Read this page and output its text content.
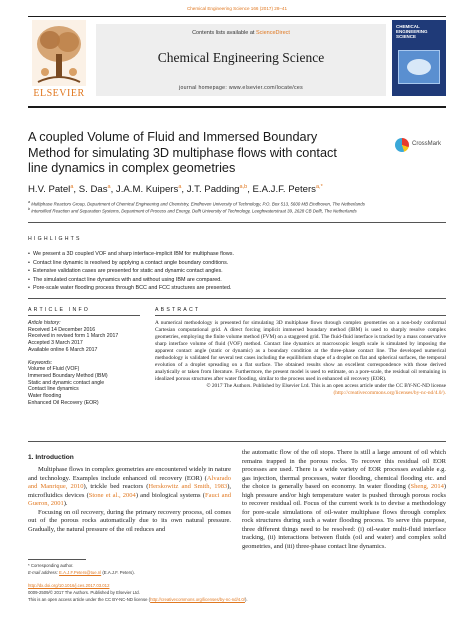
Chemical Engineering Science 166 (2017) 28–41
ELSEVIER
Contents lists available at ScienceDirect
Chemical Engineering Science
journal homepage: www.elsevier.com/locate/ces
CHEMICAL ENGINEERING SCIENCE
A coupled Volume of Fluid and Immersed Boundary Method for simulating 3D multiphase flows with contact line dynamics in complex geometries
CrossMark
H.V. Patel$^a$, S. Das$^a$, J.A.M. Kuipers$^a$, J.T. Padding$^{a,b}$, E.A.J.F. Peters$^{a,*}$
$^a$ Multiphase Reactors Group, Department of Chemical Engineering and Chemistry, Eindhoven University of Technology, P.O. Box 513, 5600 MB Eindhoven, The Netherlands
$^b$ Intensified Reaction and Separation Systems, Department of Process and Energy, Delft University of Technology, Leeghwaterstraat 39, 2628 CB Delft, The Netherlands
HIGHLIGHTS
• We present a 3D coupled VOF and sharp interface-implicit IBM for multiphase flows.
• Contact line dynamic is resolved by applying a contact angle boundary conditions.
• Extensive validation cases are presented for static and dynamic contact angles.
• The simulated contact line dynamics with and without using IBM are compared.
• Pore-scale water flooding process through BCC and FCC structures are presented.
ARTICLE INFO
Article history:
Received 14 December 2016
Received in revised form 1 March 2017
Accepted 3 March 2017
Available online 6 March 2017
Keywords:
Volume of Fluid (VOF)
Immersed Boundary Method (IBM)
Static and dynamic contact angle
Contact line dynamics
Water flooding
Enhanced Oil Recovery (EOR)
ABSTRACT

A numerical methodology is presented for simulating 3D multiphase flows through complex geometries on a non-body conformal Cartesian computational grid. A direct forcing implicit immersed boundary method (IBM) is used to sharply resolve complex geometries, employing the finite volume method (FVM) on a staggered grid. The fluid-fluid interface is tracked by a mass conservative sharp interface volume of fluid (VOF) method. Contact line dynamics at macroscopic length scale is simulated by imposing the apparent contact angle (static or dynamic) as a boundary condition at the three-phase contact line. The developed numerical methodology is validated for several test cases including the equilibrium shape of a droplet on flat and spherical surfaces, the temporal evolution of a droplet spreading on a flat surface. The obtained results show an excellent correspondence with those derived analytically or taken from literature. Furthermore, the present model is used to estimate, on a pore-scale, the residual oil remaining in idealized porous structures after water flooding, similar to the process used in enhanced oil recovery (EOR).

© 2017 The Authors. Published by Elsevier Ltd. This is an open access article under the CC BY-NC-ND license (http://creativecommons.org/licenses/by-nc-nd/4.0/).

1. Introduction

Multiphase flows in complex geometries are encountered widely in nature and technology. Examples include enhanced oil recovery (EOR) (Alvarado and Manrique, 2010), trickle bed reactors (Herskowitz and Smith, 1983), microfluidics devices (Stone et al., 2004) and biological systems (Fauci and Gueron, 2001).

Focusing on oil recovery, during the primary recovery process, oil comes out of the porous rocks automatically due to its own natural pressure. Gradually, the natural pressure of the oil reduces and

the automatic flow of the oil stops. There is still a large amount of oil which remains trapped in the porous rocks. To recover this residual oil EOR processes are used. There is a wide variety of EOR processes available e.g. gas injection, thermal processes, water flooding, chemical flooding etc. and the choice is generally based on economy. In water flooding (Sheng, 2014) high pressure and/or high temperature water is pushed through porous rocks to recover residual oil. Focus of the current work is to devise a methodology for pore-scale simulations of oil-water multiphase flows through complex rock structures during such a water flooding process. To serve this purpose, three different things need to be resolved: (i) oil-water multi-fluid interface tracking, (ii) interactions between fluids (oil and water) and complex solid geometries, and (iii) three-phase contact line dynamics.

* Corresponding author.
E-mail address: E.A.J.F.Peters@tue.nl (E.A.J.F. Peters).
http://dx.doi.org/10.1016/j.ces.2017.03.012
0009-2509/© 2017 The Authors. Published by Elsevier Ltd.
This is an open access article under the CC BY-NC-ND license (http://creativecommons.org/licenses/by-nc-nd/4.0/).
